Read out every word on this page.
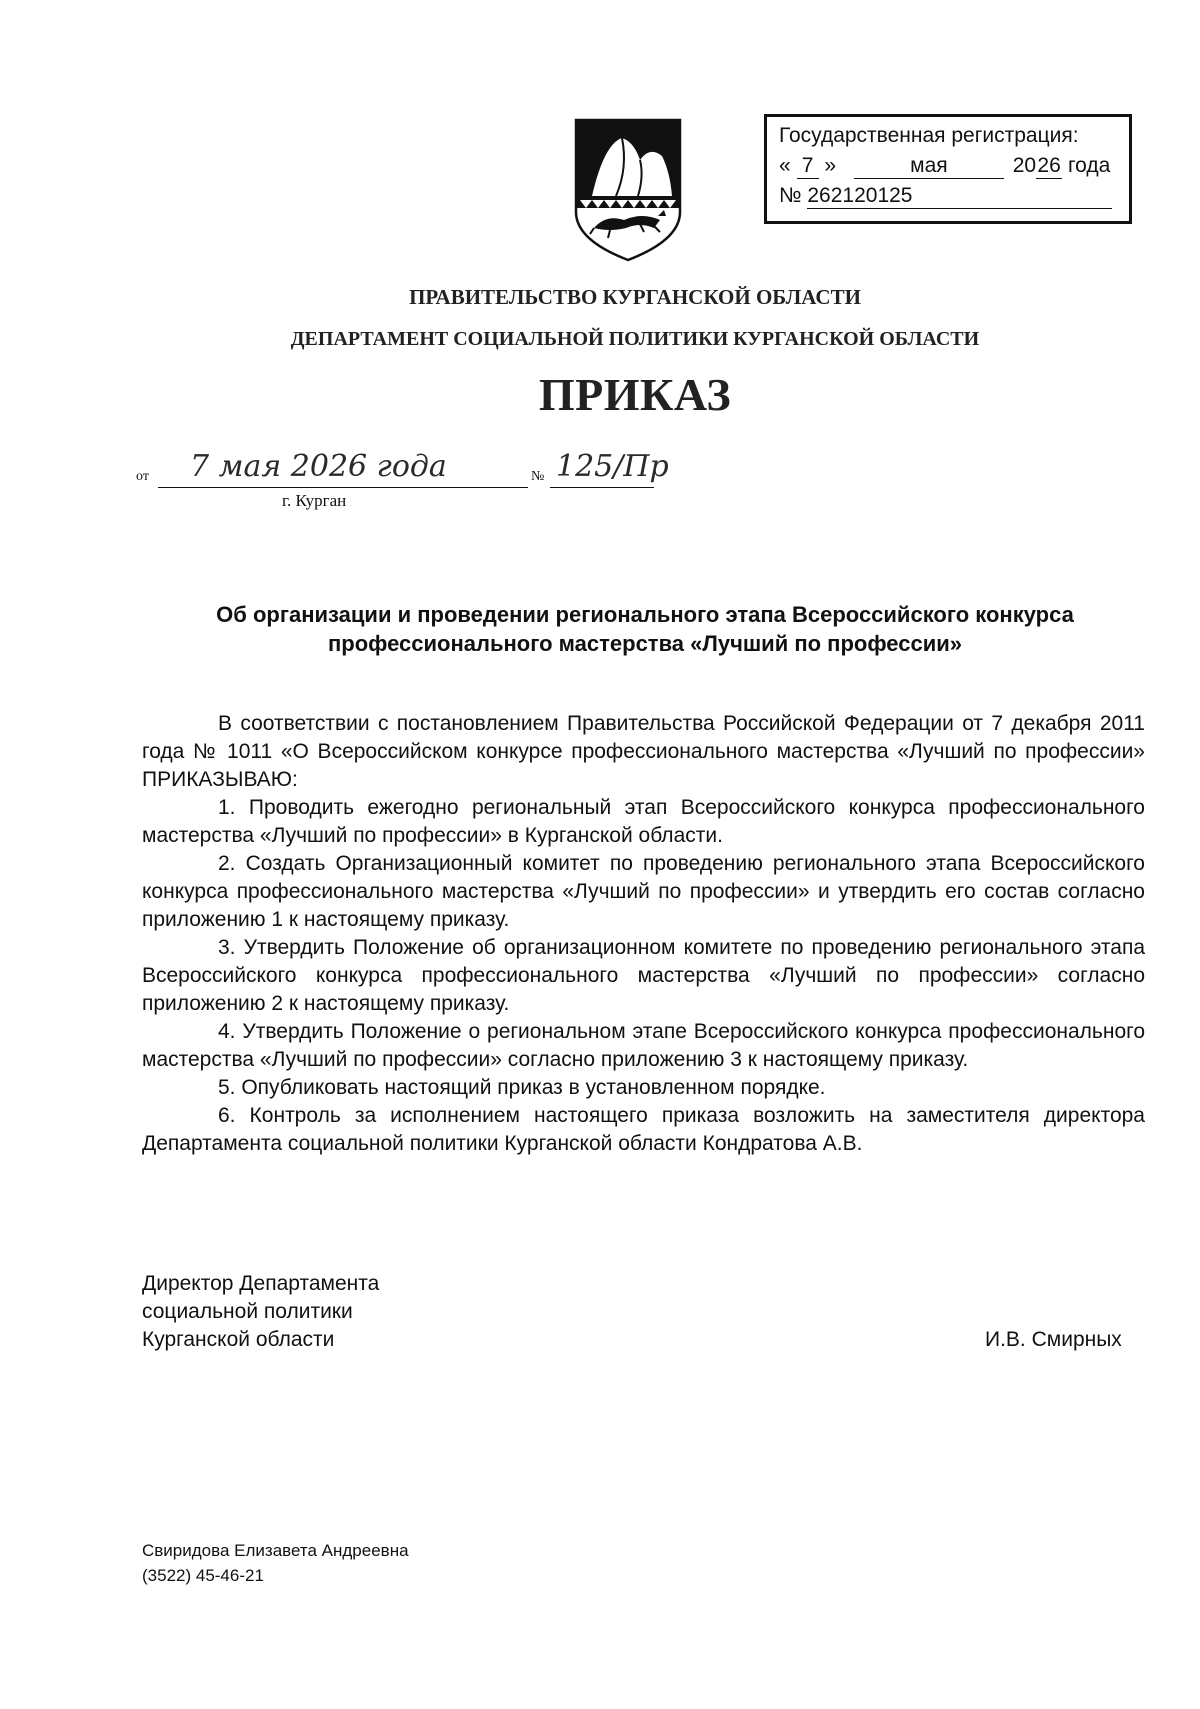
Государственная регистрация:
« 7 »	мая	2026 года
№ 262120125
ПРАВИТЕЛЬСТВО КУРГАНСКОЙ ОБЛАСТИ
ДЕПАРТАМЕНТ СОЦИАЛЬНОЙ ПОЛИТИКИ КУРГАНСКОЙ ОБЛАСТИ
ПРИКАЗ
от 7 мая 2026 года	№ 125/Пр
г. Курган
Об организации и проведении регионального этапа Всероссийского конкурса профессионального мастерства «Лучший по профессии»

В соответствии с постановлением Правительства Российской Федерации от 7 декабря 2011 года № 1011 «О Всероссийском конкурсе профессионального мастерства «Лучший по профессии» ПРИКАЗЫВАЮ:

1. Проводить ежегодно региональный этап Всероссийского конкурса профессионального мастерства «Лучший по профессии» в Курганской области.

2. Создать Организационный комитет по проведению регионального этапа Всероссийского конкурса профессионального мастерства «Лучший по профессии» и утвердить его состав согласно приложению 1 к настоящему приказу.

3. Утвердить Положение об организационном комитете по проведению регионального этапа Всероссийского конкурса профессионального мастерства «Лучший по профессии» согласно приложению 2 к настоящему приказу.

4. Утвердить Положение о региональном этапе Всероссийского конкурса профессионального мастерства «Лучший по профессии» согласно приложению 3 к настоящему приказу.

5. Опубликовать настоящий приказ в установленном порядке.

6. Контроль за исполнением настоящего приказа возложить на заместителя директора Департамента социальной политики Курганской области Кондратова А.В.

Директор Департамента
социальной политики
Курганской области	И.В. Смирных
Свиридова Елизавета Андреевна
(3522) 45-46-21
